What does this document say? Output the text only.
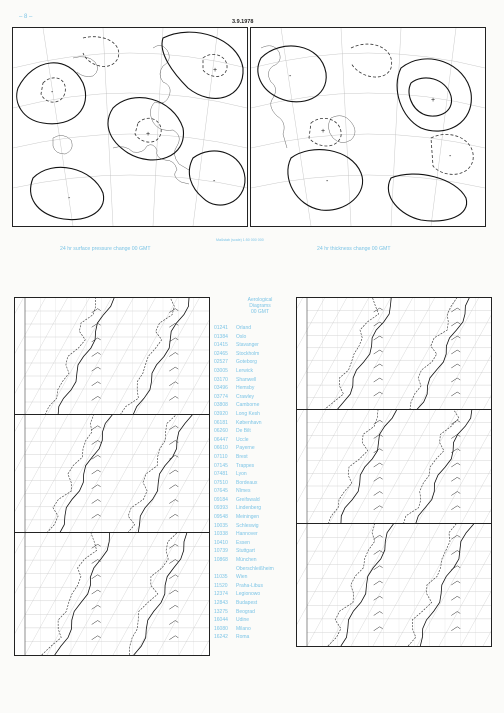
– 8 –
3.9.1978
-
+
+
-
-
+
-
-
+
-
Maßstab (scale) 1:50 000 000
24 hr surface pressure change 00 GMT	24 hr thickness change 00 GMT
Aerological
Diagrams
00 GMT
01241	Orland
01384	Oslo
01415	Stavanger
02465	Stockholm
02527	Goteborg
03005	Lerwick
03170	Shanwell
03496	Hemsby
03774	Crawley
03808	Camborne
03920	Long Kesh
06181	København
06260	De Bilt
06447	Uccle
06610	Payerne
07110	Brest
07145	Trappes
07481	Lyon
07510	Bordeaux
07645	Nîmes
09184	Greifswald
09393	Lindenberg
09548	Meiningen
10035	Schleswig
10338	Hannover
10410	Essen
10739	Stuttgart
10868	München
Oberschleißheim
11035	Wien
11520	Praha-Libus
12374	Legionowo
12843	Budapest
13275	Beograd
16044	Udine
16080	Milano
16242	Roma
